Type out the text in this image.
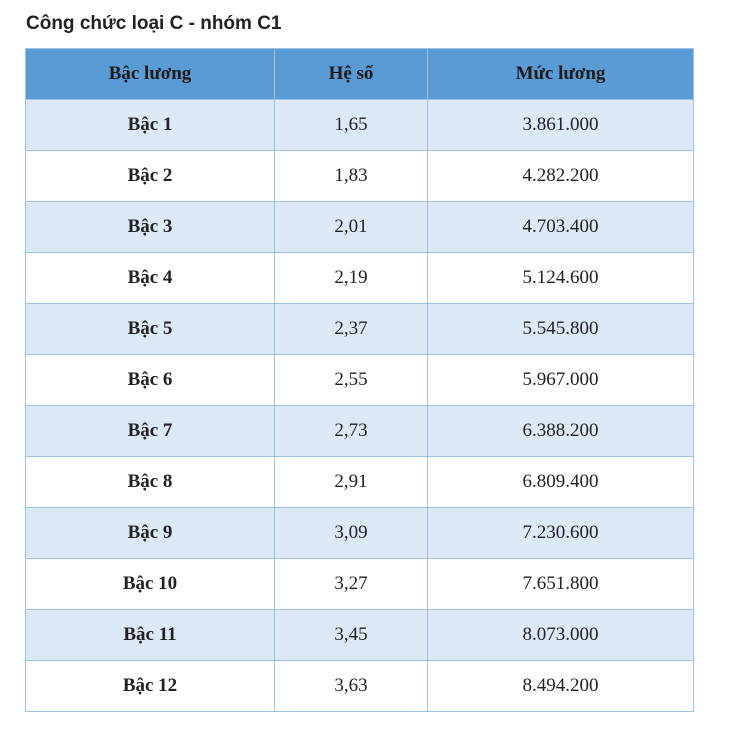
Công chức loại C - nhóm C1
Bậc lương	Hệ số	Mức lương
Bậc 1	1,65	3.861.000
Bậc 2	1,83	4.282.200
Bậc 3	2,01	4.703.400
Bậc 4	2,19	5.124.600
Bậc 5	2,37	5.545.800
Bậc 6	2,55	5.967.000
Bậc 7	2,73	6.388.200
Bậc 8	2,91	6.809.400
Bậc 9	3,09	7.230.600
Bậc 10	3,27	7.651.800
Bậc 11	3,45	8.073.000
Bậc 12	3,63	8.494.200
